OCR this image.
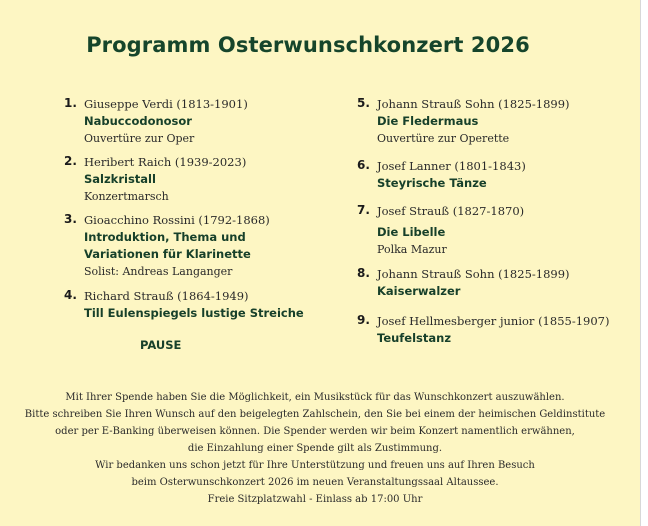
Programm Osterwunschkonzert 2026
1. Giuseppe Verdi (1813-1901)
Nabuccodonosor
Ouvertüre zur Oper
2. Heribert Raich (1939-2023)
Salzkristall
Konzertmarsch
3. Gioacchino Rossini (1792-1868)
Introduktion, Thema und
Variationen für Klarinette
Solist: Andreas Langanger
4. Richard Strauß (1864-1949)
Till Eulenspiegels lustige Streiche
PAUSE
5. Johann Strauß Sohn (1825-1899)
Die Fledermaus
Ouvertüre zur Operette
6. Josef Lanner (1801-1843)
Steyrische Tänze
7. Josef Strauß (1827-1870)
Die Libelle
Polka Mazur
8. Johann Strauß Sohn (1825-1899)
Kaiserwalzer
9. Josef Hellmesberger junior (1855-1907)
Teufelstanz
Mit Ihrer Spende haben Sie die Möglichkeit, ein Musikstück für das Wunschkonzert auszuwählen.
Bitte schreiben Sie Ihren Wunsch auf den beigelegten Zahlschein, den Sie bei einem der heimischen Geldinstitute
oder per E-Banking überweisen können. Die Spender werden wir beim Konzert namentlich erwähnen,
die Einzahlung einer Spende gilt als Zustimmung.
Wir bedanken uns schon jetzt für Ihre Unterstützung und freuen uns auf Ihren Besuch
beim Osterwunschkonzert 2026 im neuen Veranstaltungssaal Altaussee.
Freie Sitzplatzwahl - Einlass ab 17:00 Uhr
